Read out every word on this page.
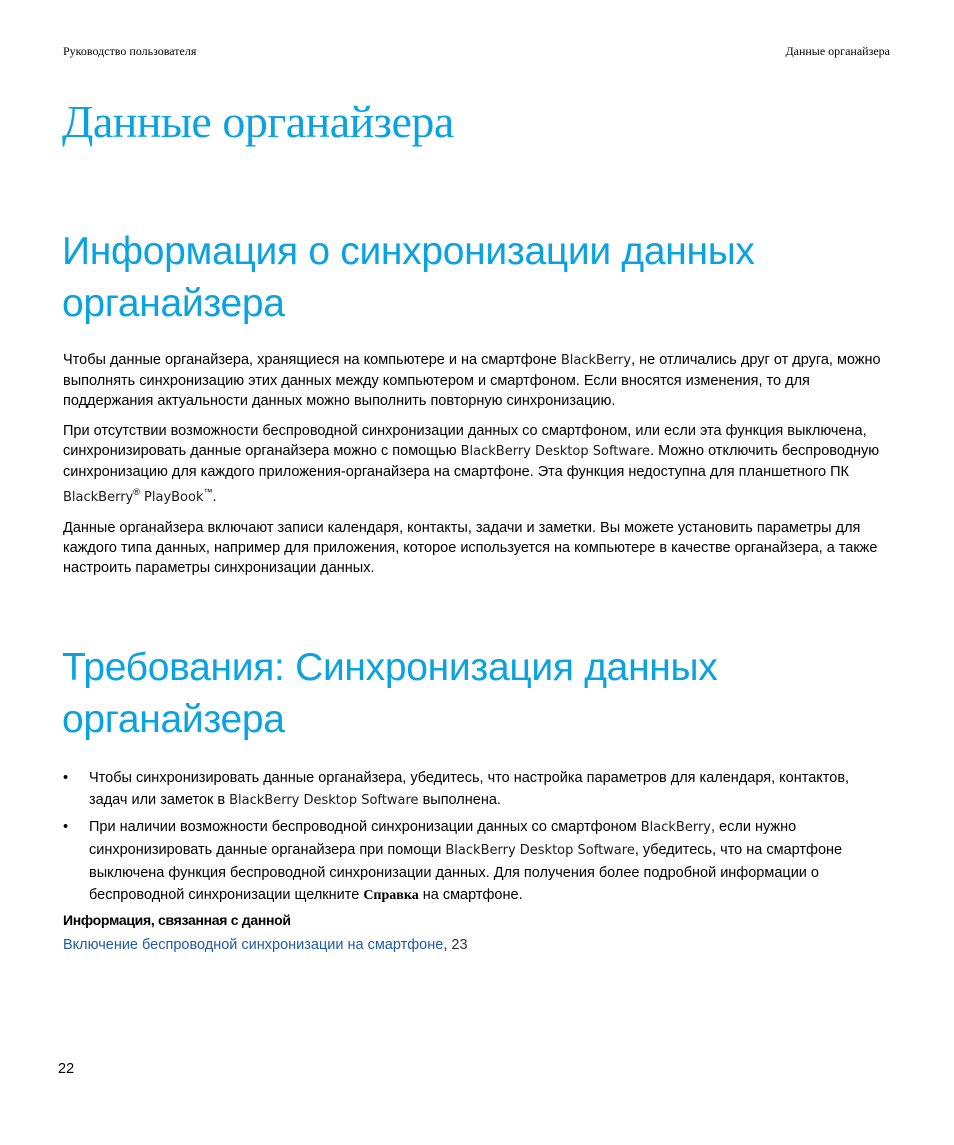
Руководство пользователя	Данные органайзера
Данные органайзера
Информация о синхронизации данных органайзера

Чтобы данные органайзера, хранящиеся на компьютере и на смартфоне BlackBerry, не отличались друг от друга, можно выполнять синхронизацию этих данных между компьютером и смартфоном. Если вносятся изменения, то для поддержания актуальности данных можно выполнить повторную синхронизацию.

При отсутствии возможности беспроводной синхронизации данных со смартфоном, или если эта функция выключена, синхронизировать данные органайзера можно с помощью BlackBerry Desktop Software. Можно отключить беспроводную синхронизацию для каждого приложения-органайзера на смартфоне. Эта функция недоступна для планшетного ПК BlackBerry® PlayBook™.

Данные органайзера включают записи календаря, контакты, задачи и заметки. Вы можете установить параметры для каждого типа данных, например для приложения, которое используется на компьютере в качестве органайзера, а также настроить параметры синхронизации данных.

Требования: Синхронизация данных органайзера
• Чтобы синхронизировать данные органайзера, убедитесь, что настройка параметров для календаря, контактов, задач или заметок в BlackBerry Desktop Software выполнена.
• При наличии возможности беспроводной синхронизации данных со смартфоном BlackBerry, если нужно синхронизировать данные органайзера при помощи BlackBerry Desktop Software, убедитесь, что на смартфоне выключена функция беспроводной синхронизации данных. Для получения более подробной информации о беспроводной синхронизации щелкните Справка на смартфоне.
Информация, связанная с данной
Включение беспроводной синхронизации на смартфоне, 23
22
